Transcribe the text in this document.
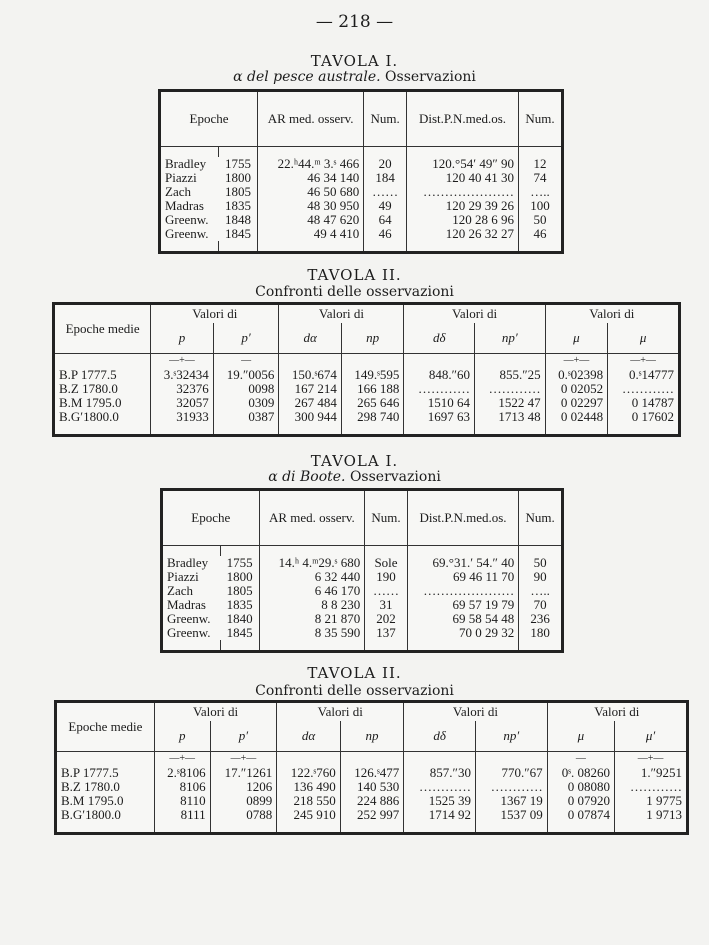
— 218 —
TAVOLA I.
α del pesce australe. Osservazioni
Epoche		AR med. osserv.	Num.	Dist.P.N.med.os.	Num.

Bradley	1755	22.ʰ44.ᵐ 3.ˢ 466	20	120.°54′ 49″ 90	12
Piazzi	1800	46 34 140	184	120 40 41 30	74
Zach	1805	46 50 680	……	…………………	…..
Madras	1835	48 30 950	49	120 29 39 26	100
Greenw.	1848	48 47 620	64	120 28 6 96	50
Greenw.	1845	49 4 410	46	120 26 32 27	46

TAVOLA II.
Confronti delle osservazioni
Epoche medie	Valori di		Valori di		Valori di		Valori di	
	p	p′	dα	np	dδ	np′	μ	μ
	—+—	—					—+—	—+—
B.P 1777.5	3.ˢ32434	19.″0056	150.ˢ674	149.ˢ595	848.″60	855.″25	0.ˢ02398	0.ˢ14777
B.Z 1780.0	32376	0098	167 214	166 188	…………	…………	0 02052	…………
B.M 1795.0	32057	0309	267 484	265 646	1510 64	1522 47	0 02297	0 14787
B.G′1800.0	31933	0387	300 944	298 740	1697 63	1713 48	0 02448	0 17602

TAVOLA I.
α di Boote. Osservazioni
Epoche		AR med. osserv.	Num.	Dist.P.N.med.os.	Num.

Bradley	1755	14.ʰ 4.ᵐ29.ˢ 680	Sole	69.°31.′ 54.″ 40	50
Piazzi	1800	6 32 440	190	69 46 11 70	90
Zach	1805	6 46 170	……	…………………	…..
Madras	1835	8 8 230	31	69 57 19 79	70
Greenw.	1840	8 21 870	202	69 58 54 48	236
Greenw.	1845	8 35 590	137	70 0 29 32	180

TAVOLA II.
Confronti delle osservazioni
Epoche medie	Valori di		Valori di		Valori di		Valori di	
	p	p′	dα	np	dδ	np′	μ	μ′
	—+—	—+—					—	—+—
B.P 1777.5	2.ˢ8106	17.″1261	122.ˢ760	126.ˢ477	857.″30	770.″67	0ˢ. 08260	1.″9251
B.Z 1780.0	8106	1206	136 490	140 530	…………	…………	0 08080	…………
B.M 1795.0	8110	0899	218 550	224 886	1525 39	1367 19	0 07920	1 9775
B.G′1800.0	8111	0788	245 910	252 997	1714 92	1537 09	0 07874	1 9713
